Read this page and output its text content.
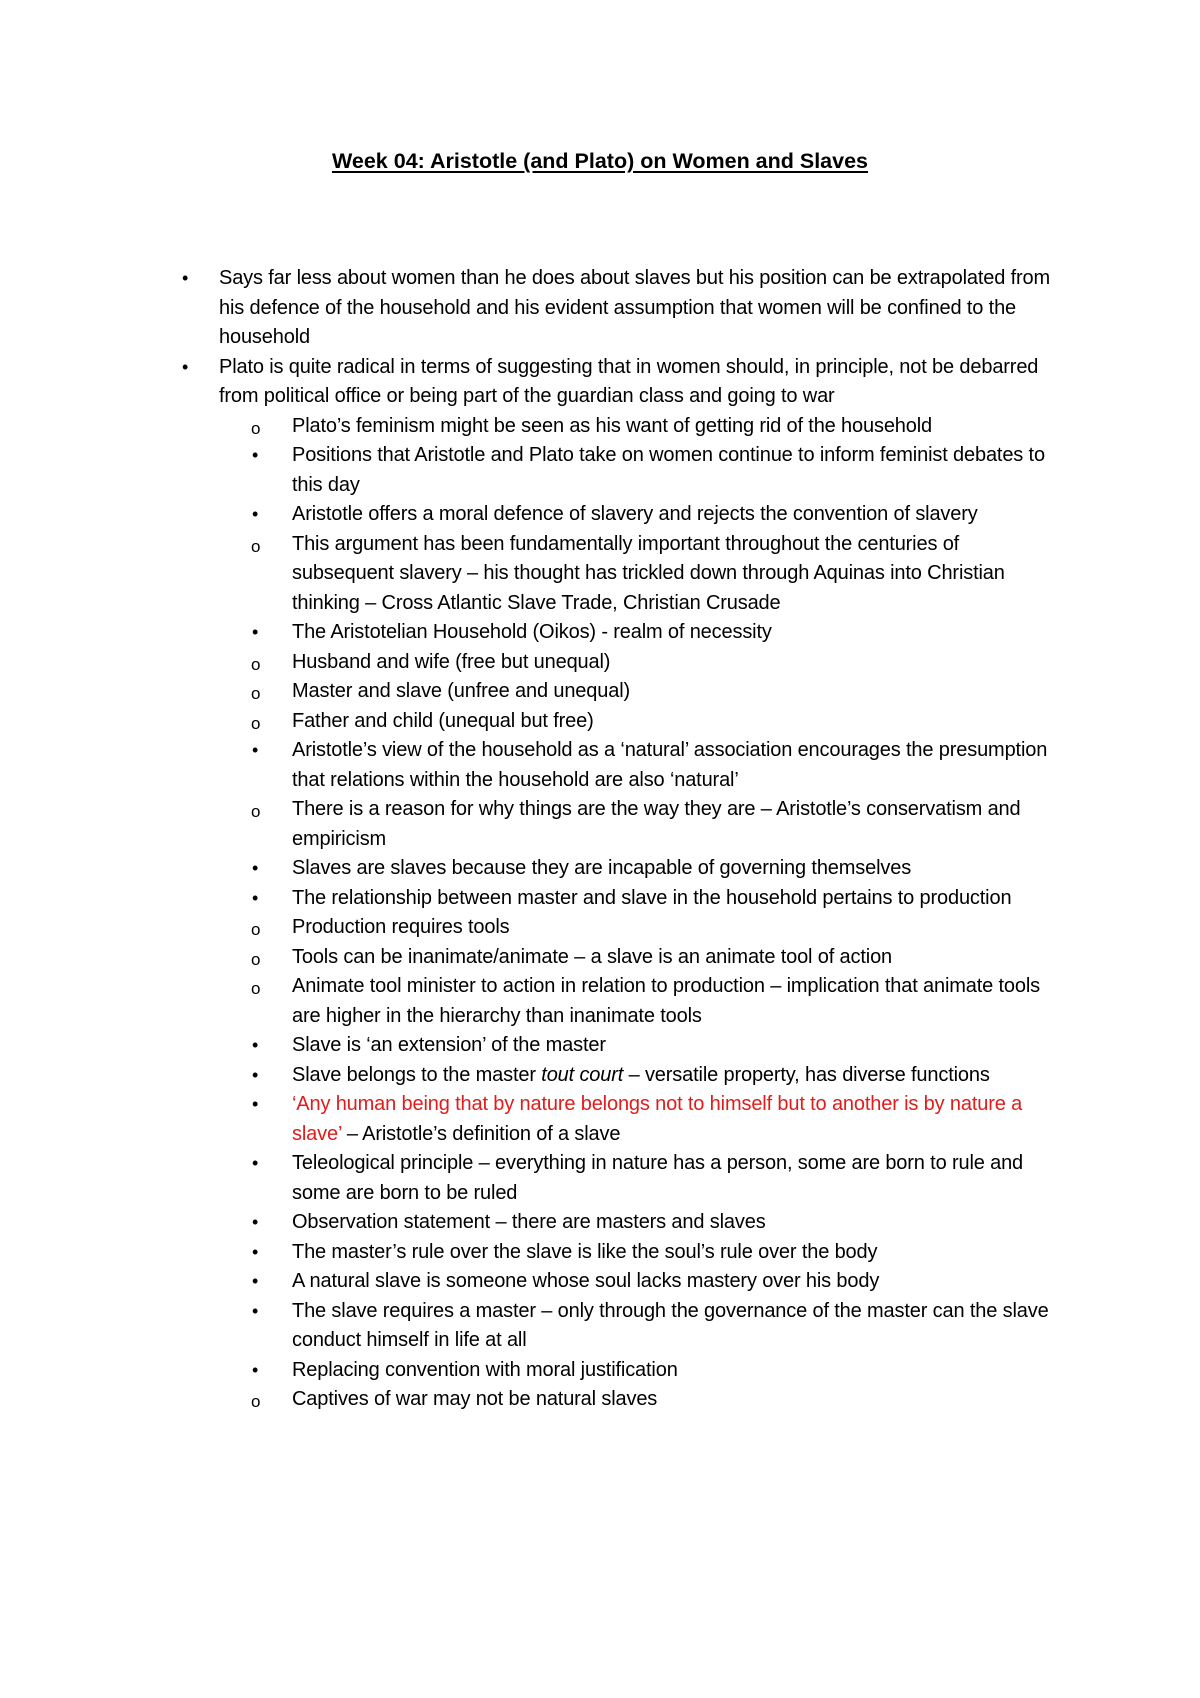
Week 04: Aristotle (and Plato) on Women and Slaves
• Says far less about women than he does about slaves but his position can be extrapolated from his defence of the household and his evident assumption that women will be confined to the household
• Plato is quite radical in terms of suggesting that in women should, in principle, not be debarred from political office or being part of the guardian class and going to war
o Plato’s feminism might be seen as his want of getting rid of the household
• Positions that Aristotle and Plato take on women continue to inform feminist debates to this day
• Aristotle offers a moral defence of slavery and rejects the convention of slavery
o This argument has been fundamentally important throughout the centuries of subsequent slavery – his thought has trickled down through Aquinas into Christian thinking – Cross Atlantic Slave Trade, Christian Crusade
• The Aristotelian Household (Oikos) - realm of necessity
o Husband and wife (free but unequal)
o Master and slave (unfree and unequal)
o Father and child (unequal but free)
• Aristotle’s view of the household as a ‘natural’ association encourages the presumption that relations within the household are also ‘natural’
o There is a reason for why things are the way they are – Aristotle’s conservatism and empiricism
• Slaves are slaves because they are incapable of governing themselves
• The relationship between master and slave in the household pertains to production
o Production requires tools
o Tools can be inanimate/animate – a slave is an animate tool of action
o Animate tool minister to action in relation to production – implication that animate tools are higher in the hierarchy than inanimate tools
• Slave is ‘an extension’ of the master
• Slave belongs to the master tout court – versatile property, has diverse functions
• ‘Any human being that by nature belongs not to himself but to another is by nature a slave’ – Aristotle’s definition of a slave
• Teleological principle – everything in nature has a person, some are born to rule and some are born to be ruled
• Observation statement – there are masters and slaves
• The master’s rule over the slave is like the soul’s rule over the body
• A natural slave is someone whose soul lacks mastery over his body
• The slave requires a master – only through the governance of the master can the slave conduct himself in life at all
• Replacing convention with moral justification
o Captives of war may not be natural slaves
